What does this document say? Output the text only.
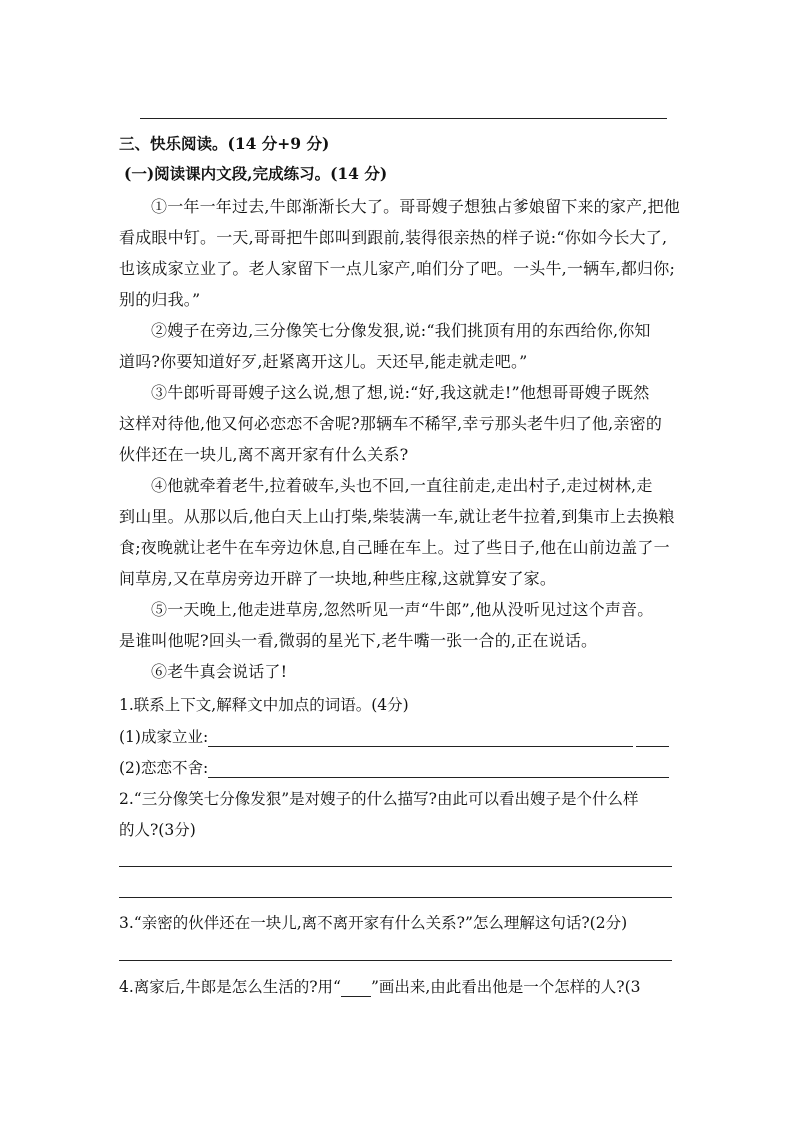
三、快乐阅读。(14 分+9 分)
(一)阅读课内文段,完成练习。(14 分)
①一年一年过去,牛郎渐渐长大了。哥哥嫂子想独占爹娘留下来的家产,把他
看成眼中钉。一天,哥哥把牛郎叫到跟前,装得很亲热的样子说:“你如今长大了,
也该成家立业了。老人家留下一点儿家产,咱们分了吧。一头牛,一辆车,都归你;
别的归我。”
②嫂子在旁边,三分像笑七分像发狠,说:“我们挑顶有用的东西给你,你知
道吗?你要知道好歹,赶紧离开这儿。天还早,能走就走吧。”
③牛郎听哥哥嫂子这么说,想了想,说:“好,我这就走!”他想哥哥嫂子既然
这样对待他,他又何必恋恋不舍呢?那辆车不稀罕,幸亏那头老牛归了他,亲密的
伙伴还在一块儿,离不离开家有什么关系?
④他就牵着老牛,拉着破车,头也不回,一直往前走,走出村子,走过树林,走
到山里。从那以后,他白天上山打柴,柴装满一车,就让老牛拉着,到集市上去换粮
食;夜晚就让老牛在车旁边休息,自己睡在车上。过了些日子,他在山前边盖了一
间草房,又在草房旁边开辟了一块地,种些庄稼,这就算安了家。
⑤一天晚上,他走进草房,忽然听见一声“牛郎”,他从没听见过这个声音。
是谁叫他呢?回头一看,微弱的星光下,老牛嘴一张一合的,正在说话。
⑥老牛真会说话了!
1.联系上下文,解释文中加点的词语。(4分)
(1)成家立业:
(2)恋恋不舍:
2.“三分像笑七分像发狠”是对嫂子的什么描写?由此可以看出嫂子是个什么样
的人?(3分)
3.“亲密的伙伴还在一块儿,离不离开家有什么关系?”怎么理解这句话?(2分)
4.离家后,牛郎是怎么生活的?用“ ”画出来,由此看出他是一个怎样的人?(3
